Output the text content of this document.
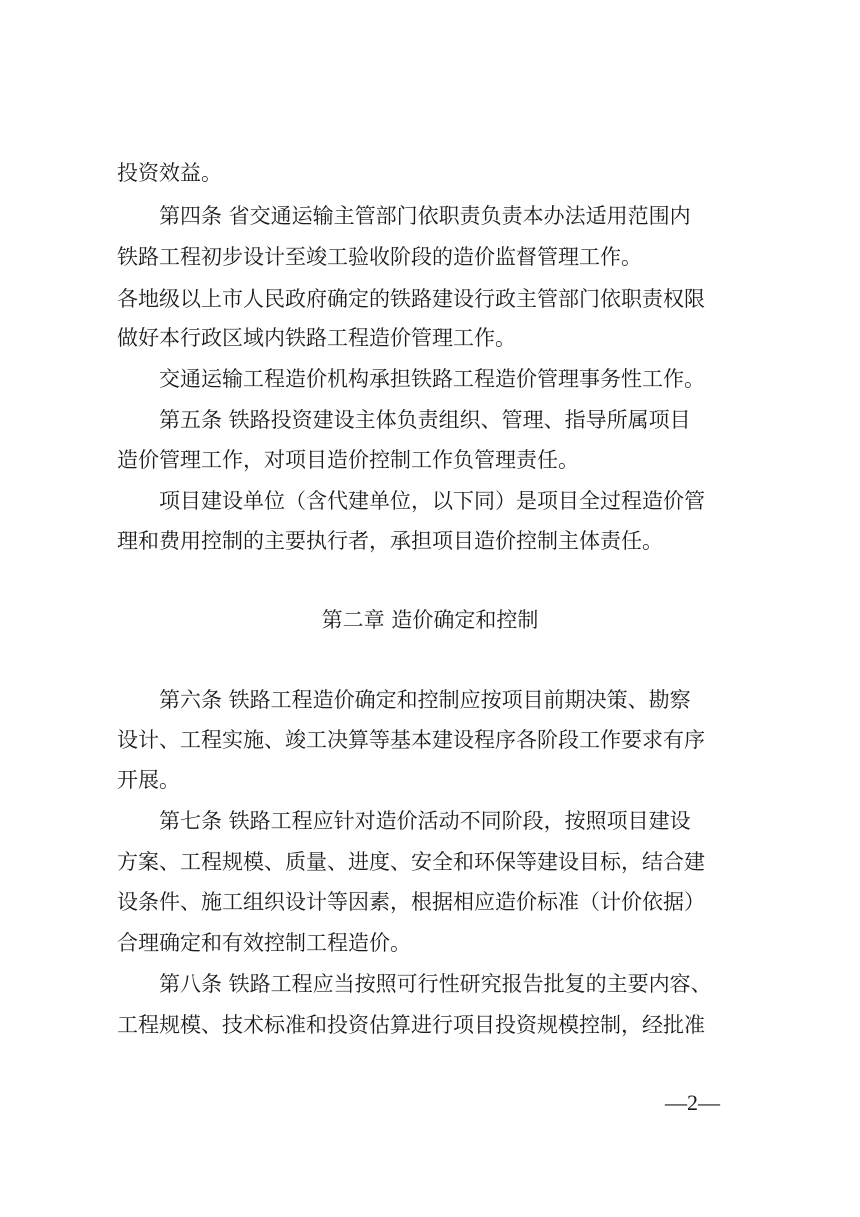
投资效益。
第四条 省交通运输主管部门依职责负责本办法适用范围内
铁路工程初步设计至竣工验收阶段的造价监督管理工作。
各地级以上市人民政府确定的铁路建设行政主管部门依职责权限
做好本行政区域内铁路工程造价管理工作。
交通运输工程造价机构承担铁路工程造价管理事务性工作。
第五条 铁路投资建设主体负责组织、管理、指导所属项目
造价管理工作，对项目造价控制工作负管理责任。
项目建设单位（含代建单位，以下同）是项目全过程造价管
理和费用控制的主要执行者，承担项目造价控制主体责任。
第二章 造价确定和控制
第六条 铁路工程造价确定和控制应按项目前期决策、勘察
设计、工程实施、竣工决算等基本建设程序各阶段工作要求有序
开展。
第七条 铁路工程应针对造价活动不同阶段，按照项目建设
方案、工程规模、质量、进度、安全和环保等建设目标，结合建
设条件、施工组织设计等因素，根据相应造价标准（计价依据）
合理确定和有效控制工程造价。
第八条 铁路工程应当按照可行性研究报告批复的主要内容、
工程规模、技术标准和投资估算进行项目投资规模控制，经批准
—2—
